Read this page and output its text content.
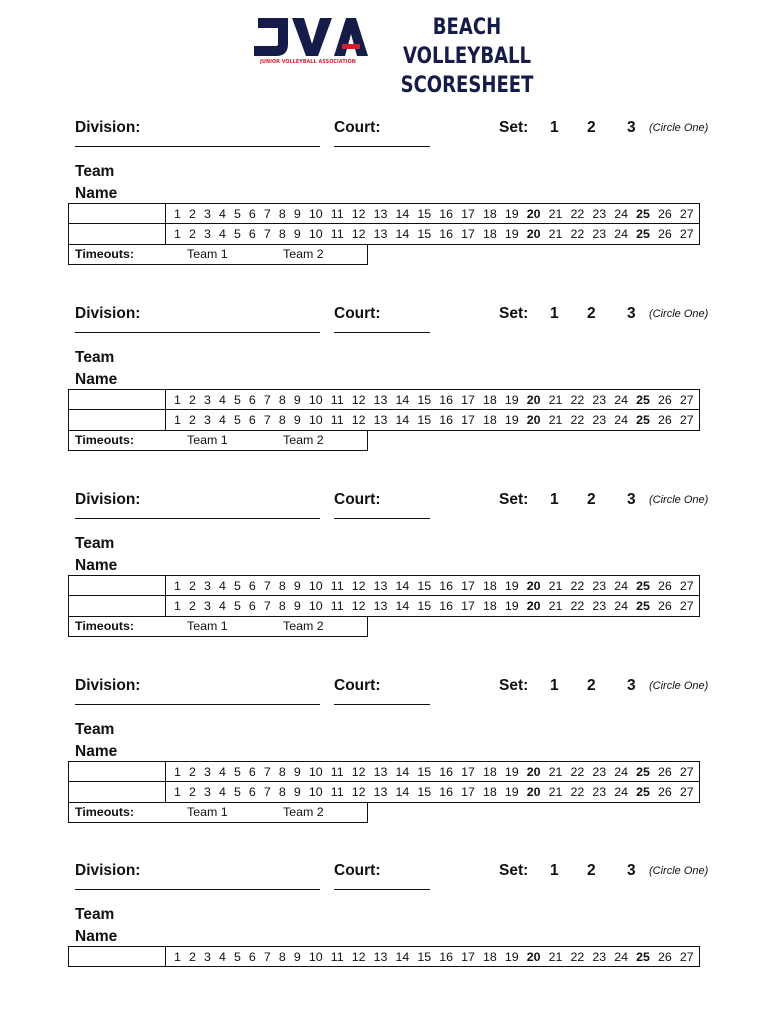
JUNIOR VOLLEYBALL ASSOCIATION
BEACH VOLLEYBALL
SCORESHEET
Division:	Court:	Set: 1 2 3 (Circle One)
Team Name
1 2 3 4 5 6 7 8 9 10 11 12 13 14 15 16 17 18 19 20 21 22 23 24 25 26 27
1 2 3 4 5 6 7 8 9 10 11 12 13 14 15 16 17 18 19 20 21 22 23 24 25 26 27
Timeouts:	Team 1	Team 2
Division:	Court:	Set: 1 2 3 (Circle One)
Team Name
1 2 3 4 5 6 7 8 9 10 11 12 13 14 15 16 17 18 19 20 21 22 23 24 25 26 27
1 2 3 4 5 6 7 8 9 10 11 12 13 14 15 16 17 18 19 20 21 22 23 24 25 26 27
Timeouts:	Team 1	Team 2
Division:	Court:	Set: 1 2 3 (Circle One)
Team Name
1 2 3 4 5 6 7 8 9 10 11 12 13 14 15 16 17 18 19 20 21 22 23 24 25 26 27
1 2 3 4 5 6 7 8 9 10 11 12 13 14 15 16 17 18 19 20 21 22 23 24 25 26 27
Timeouts:	Team 1	Team 2
Division:	Court:	Set: 1 2 3 (Circle One)
Team Name
1 2 3 4 5 6 7 8 9 10 11 12 13 14 15 16 17 18 19 20 21 22 23 24 25 26 27
1 2 3 4 5 6 7 8 9 10 11 12 13 14 15 16 17 18 19 20 21 22 23 24 25 26 27
Timeouts:	Team 1	Team 2
Division:	Court:	Set: 1 2 3 (Circle One)
Team Name
1 2 3 4 5 6 7 8 9 10 11 12 13 14 15 16 17 18 19 20 21 22 23 24 25 26 27
